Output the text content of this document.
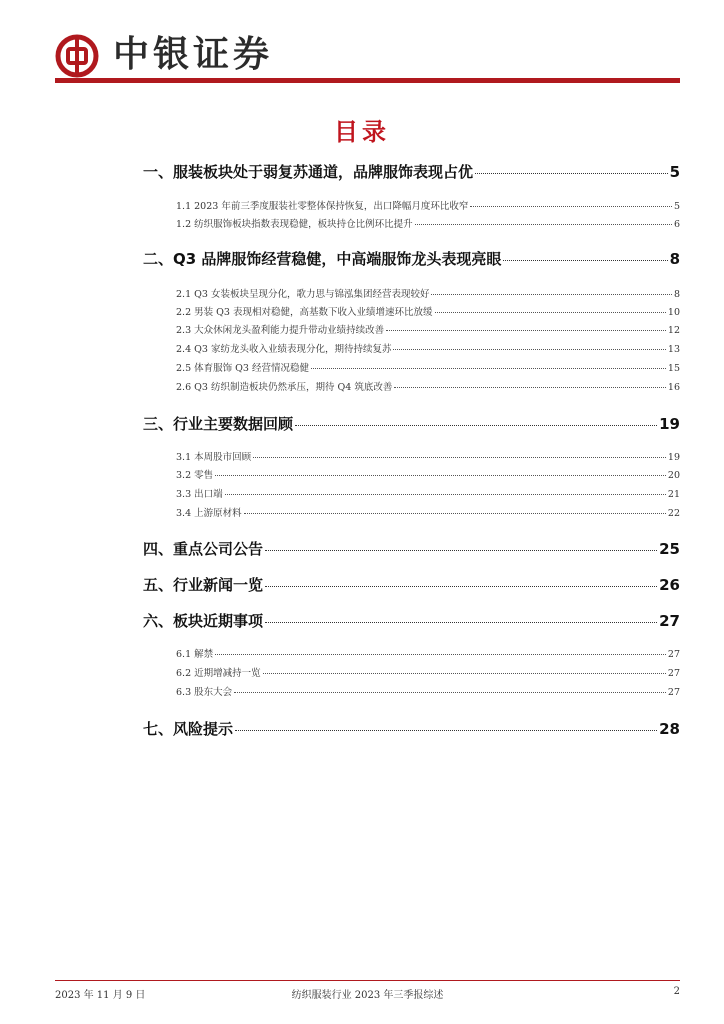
中银证券
目录
一、服装板块处于弱复苏通道，品牌服饰表现占优	5
1.1 2023 年前三季度服装社零整体保持恢复，出口降幅月度环比收窄	5
1.2 纺织服饰板块指数表现稳健，板块持仓比例环比提升	6
二、Q3 品牌服饰经营稳健，中高端服饰龙头表现亮眼	8
2.1 Q3 女装板块呈现分化，歌力思与锦泓集团经营表现较好	8
2.2 男装 Q3 表现相对稳健，高基数下收入业绩增速环比放缓	10
2.3 大众休闲龙头盈利能力提升带动业绩持续改善	12
2.4 Q3 家纺龙头收入业绩表现分化，期待持续复苏	13
2.5 体育服饰 Q3 经营情况稳健	15
2.6 Q3 纺织制造板块仍然承压，期待 Q4 筑底改善	16
三、行业主要数据回顾	19
3.1 本周股市回顾	19
3.2 零售	20
3.3 出口端	21
3.4 上游原材料	22
四、重点公司公告	25
五、行业新闻一览	26
六、板块近期事项	27
6.1 解禁	27
6.2 近期增减持一览	27
6.3 股东大会	27
七、风险提示	28
2023 年 11 月 9 日	纺织服装行业 2023 年三季报综述	2
